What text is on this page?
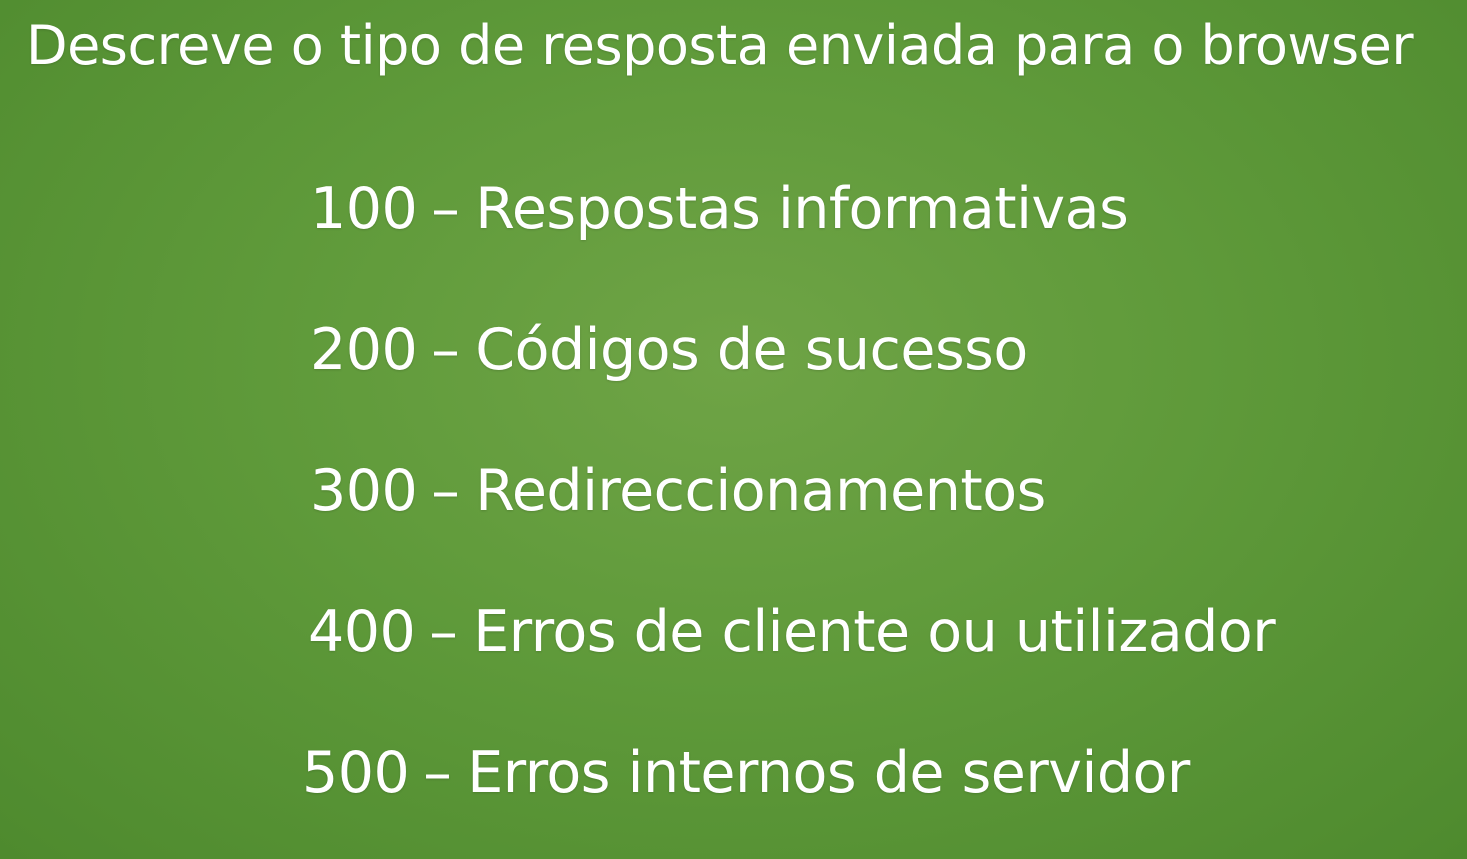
Descreve o tipo de resposta enviada para o browser
100 – Respostas informativas
200 – Códigos de sucesso
300 – Redireccionamentos
400 – Erros de cliente ou utilizador
500 – Erros internos de servidor
